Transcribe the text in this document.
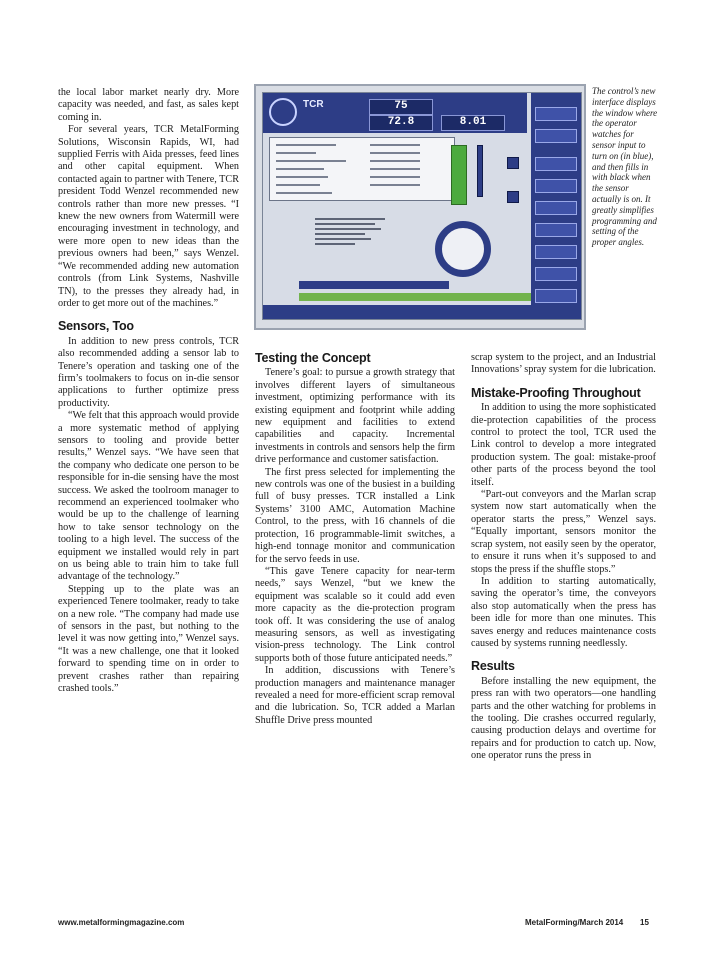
the local labor market nearly dry. More capacity was needed, and fast, as sales kept coming in.

For several years, TCR MetalForming Solutions, Wisconsin Rapids, WI, had supplied Ferris with Aida presses, feed lines and other capital equipment. When contacted again to partner with Tenere, TCR president Todd Wenzel recommended new controls rather than more new presses. “I knew the new owners from Watermill were encouraging investment in technology, and were more open to new ideas than the previous owners had been,” says Wenzel. “We recommended adding new automation controls (from Link Systems, Nashville TN), to the presses they already had, in order to get more out of the machines.”

Sensors, Too

In addition to new press controls, TCR also recommended adding a sensor lab to Tenere’s operation and tasking one of the firm’s toolmakers to focus on in-die sensor applications to further optimize press productivity.

“We felt that this approach would provide a more systematic method of applying sensors to tooling and provide better results,” Wenzel says. “We have seen that the company who dedicate one person to be responsible for in-die sensing have the most success. We asked the toolroom manager to recommend an experienced toolmaker who would be up to the challenge of learning how to take sensor technology on the tooling to a high level. The success of the equipment we installed would rely in part on us being able to train him to take full advantage of the technology.”

Stepping up to the plate was an experienced Tenere toolmaker, ready to take on a new role. “The company had made use of sensors in the past, but nothing to the level it was now getting into,” Wenzel says. “It was a new challenge, one that it looked forward to spending time on in order to prevent crashes rather than repairing crashed tools.”

TCR	75
72.8	8.01
The control’s new interface displays the window where the operator watches for sensor input to turn on (in blue), and then fills in with black when the sensor actually is on. It greatly simplifies programming and setting of the proper angles.
Testing the Concept

Tenere’s goal: to pursue a growth strategy that involves different layers of simultaneous investment, optimizing performance with its existing equipment and footprint while adding new equipment and facilities to extend capabilities and capacity. Incremental investments in controls and sensors help the firm drive performance and customer satisfaction.

The first press selected for implementing the new controls was one of the busiest in a building full of busy presses. TCR installed a Link Systems’ 3100 AMC, Automation Machine Control, to the press, with 16 channels of die protection, 16 programmable-limit switches, a high-end tonnage monitor and communication for the servo feeds in use.

“This gave Tenere capacity for near-term needs,” says Wenzel, “but we knew the equipment was scalable so it could add even more capacity as the die-protection program took off. It was considering the use of analog measuring sensors, as well as investigating vision-press technology. The Link control supports both of those future anticipated needs.”

In addition, discussions with Tenere’s production managers and maintenance manager revealed a need for more-efficient scrap removal and die lubrication. So, TCR added a Marlan Shuffle Drive press mounted

scrap system to the project, and an Industrial Innovations’ spray system for die lubrication.

Mistake-Proofing Throughout

In addition to using the more sophisticated die-protection capabilities of the process control to protect the tool, TCR used the Link control to develop a more integrated production system. The goal: mistake-proof other parts of the process beyond the tool itself.

“Part-out conveyors and the Marlan scrap system now start automatically when the operator starts the press,” Wenzel says. “Equally important, sensors monitor the scrap system, not easily seen by the operator, to ensure it runs when it’s supposed to and stops the press if the shuffle stops.”

In addition to starting automatically, saving the operator’s time, the conveyors also stop automatically when the press has been idle for more than one minutes. This saves energy and reduces maintenance costs caused by systems running needlessly.

Results

Before installing the new equipment, the press ran with two operators—one handling parts and the other watching for problems in the tooling. Die crashes occurred regularly, causing production delays and overtime for repairs and for production to catch up. Now, one operator runs the press in

www.metalformingmagazine.com	MetalForming/March 2014 15
